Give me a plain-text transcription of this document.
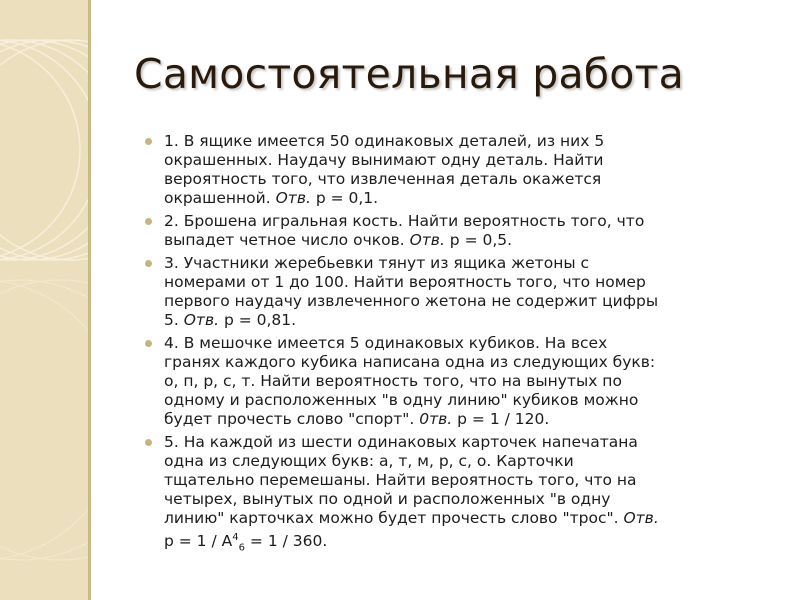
Самостоятельная работа
1. В ящике имеется 50 одинаковых деталей, из них 5
окрашенных. Наудачу вынимают одну деталь. Найти
вероятность того, что извлеченная деталь окажется
окрашенной. Отв. р = 0,1.
2. Брошена игральная кость. Найти вероятность того, что
выпадет четное число очков. Отв. р = 0,5.
3. Участники жеребьевки тянут из ящика жетоны с
номерами от 1 до 100. Найти вероятность того, что номер
первого наудачу извлеченного жетона не содержит цифры
5. Отв. р = 0,81.
4. В мешочке имеется 5 одинаковых кубиков. На всех
гранях каждого кубика написана одна из следующих букв:
о, п, р, с, т. Найти вероятность того, что на вынутых по
одному и расположенных "в одну линию" кубиков можно
будет прочесть слово "спорт". 0тв. р = 1 / 120.
5. На каждой из шести одинаковых карточек напечатана
одна из следующих букв: а, т, м, р, с, о. Карточки
тщательно перемешаны. Найти вероятность того, что на
четырех, вынутых по одной и расположенных "в одну
линию" карточках можно будет прочесть слово "трос". Отв.
$р = 1 / А^4_6 = 1 / 360$.
